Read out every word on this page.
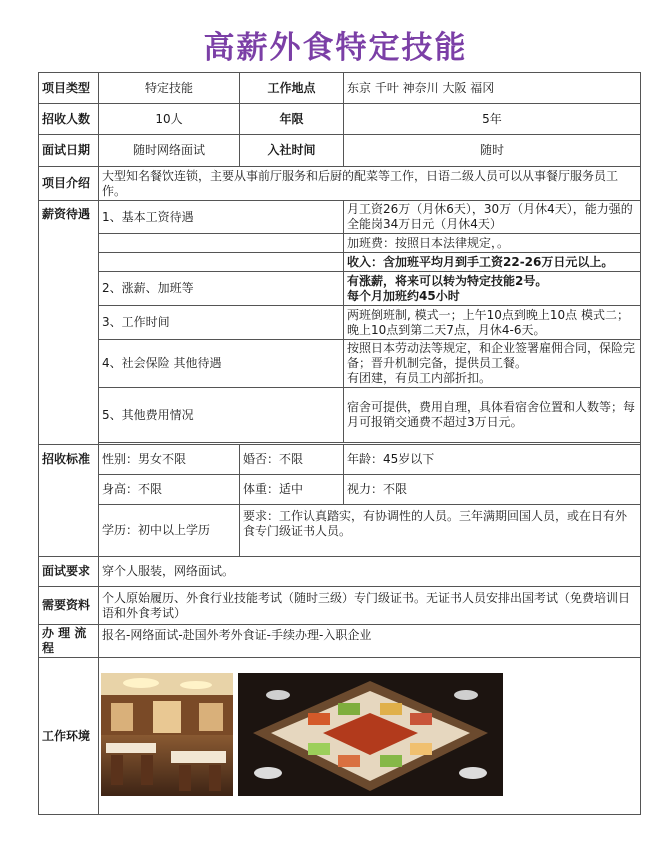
高薪外食特定技能
项目类型	特定技能	工作地点	东京 千叶 神奈川 大阪 福冈
招收人数	10人	年限	5年
面试日期	随时网络面试	入社时间	随时
项目介绍	大型知名餐饮连锁，主要从事前厅服务和后厨的配菜等工作，日语二级人员可以从事餐厅服务员工作。		
薪资待遇	1、基本工资待遇		月工资26万（月休6天），30万（月休4天），能力强的全能岗34万日元（月休4天）
			加班费：按照日本法律规定，。
			收入：含加班平均月到手工资22-26万日元以上。
	2、涨薪、加班等		有涨薪，将来可以转为特定技能2号。
每个月加班约45小时

	3、工作时间		两班倒班制, 模式一；上午10点到晚上10点 模式二；晚上10点到第二天7点，月休4-6天。
	4、社会保险 其他待遇		按照日本劳动法等规定，和企业签署雇佣合同，保险完备；晋升机制完备，提供员工餐。
有团建，有员工内部折扣。

	5、其他费用情况		宿舍可提供，费用自理，具体看宿舍位置和人数等；每月可报销交通费不超过3万日元。

招收标准	性别：男女不限	婚否：不限	年龄：45岁以下
	身高：不限	体重：适中	视力：不限
	学历：初中以上学历	要求：工作认真踏实，有协调性的人员。三年满期回国人员，或在日有外食专门级证书人员。	
面试要求	穿个人服装，网络面试。		
需要资料	个人原始履历、外食行业技能考试（随时三级）专门级证书。无证书人员安排出国考试（免费培训日语和外食考试）		
办 理 流 程	报名-网络面试-赴国外考外食证-手续办理-入职企业		
工作环境	
